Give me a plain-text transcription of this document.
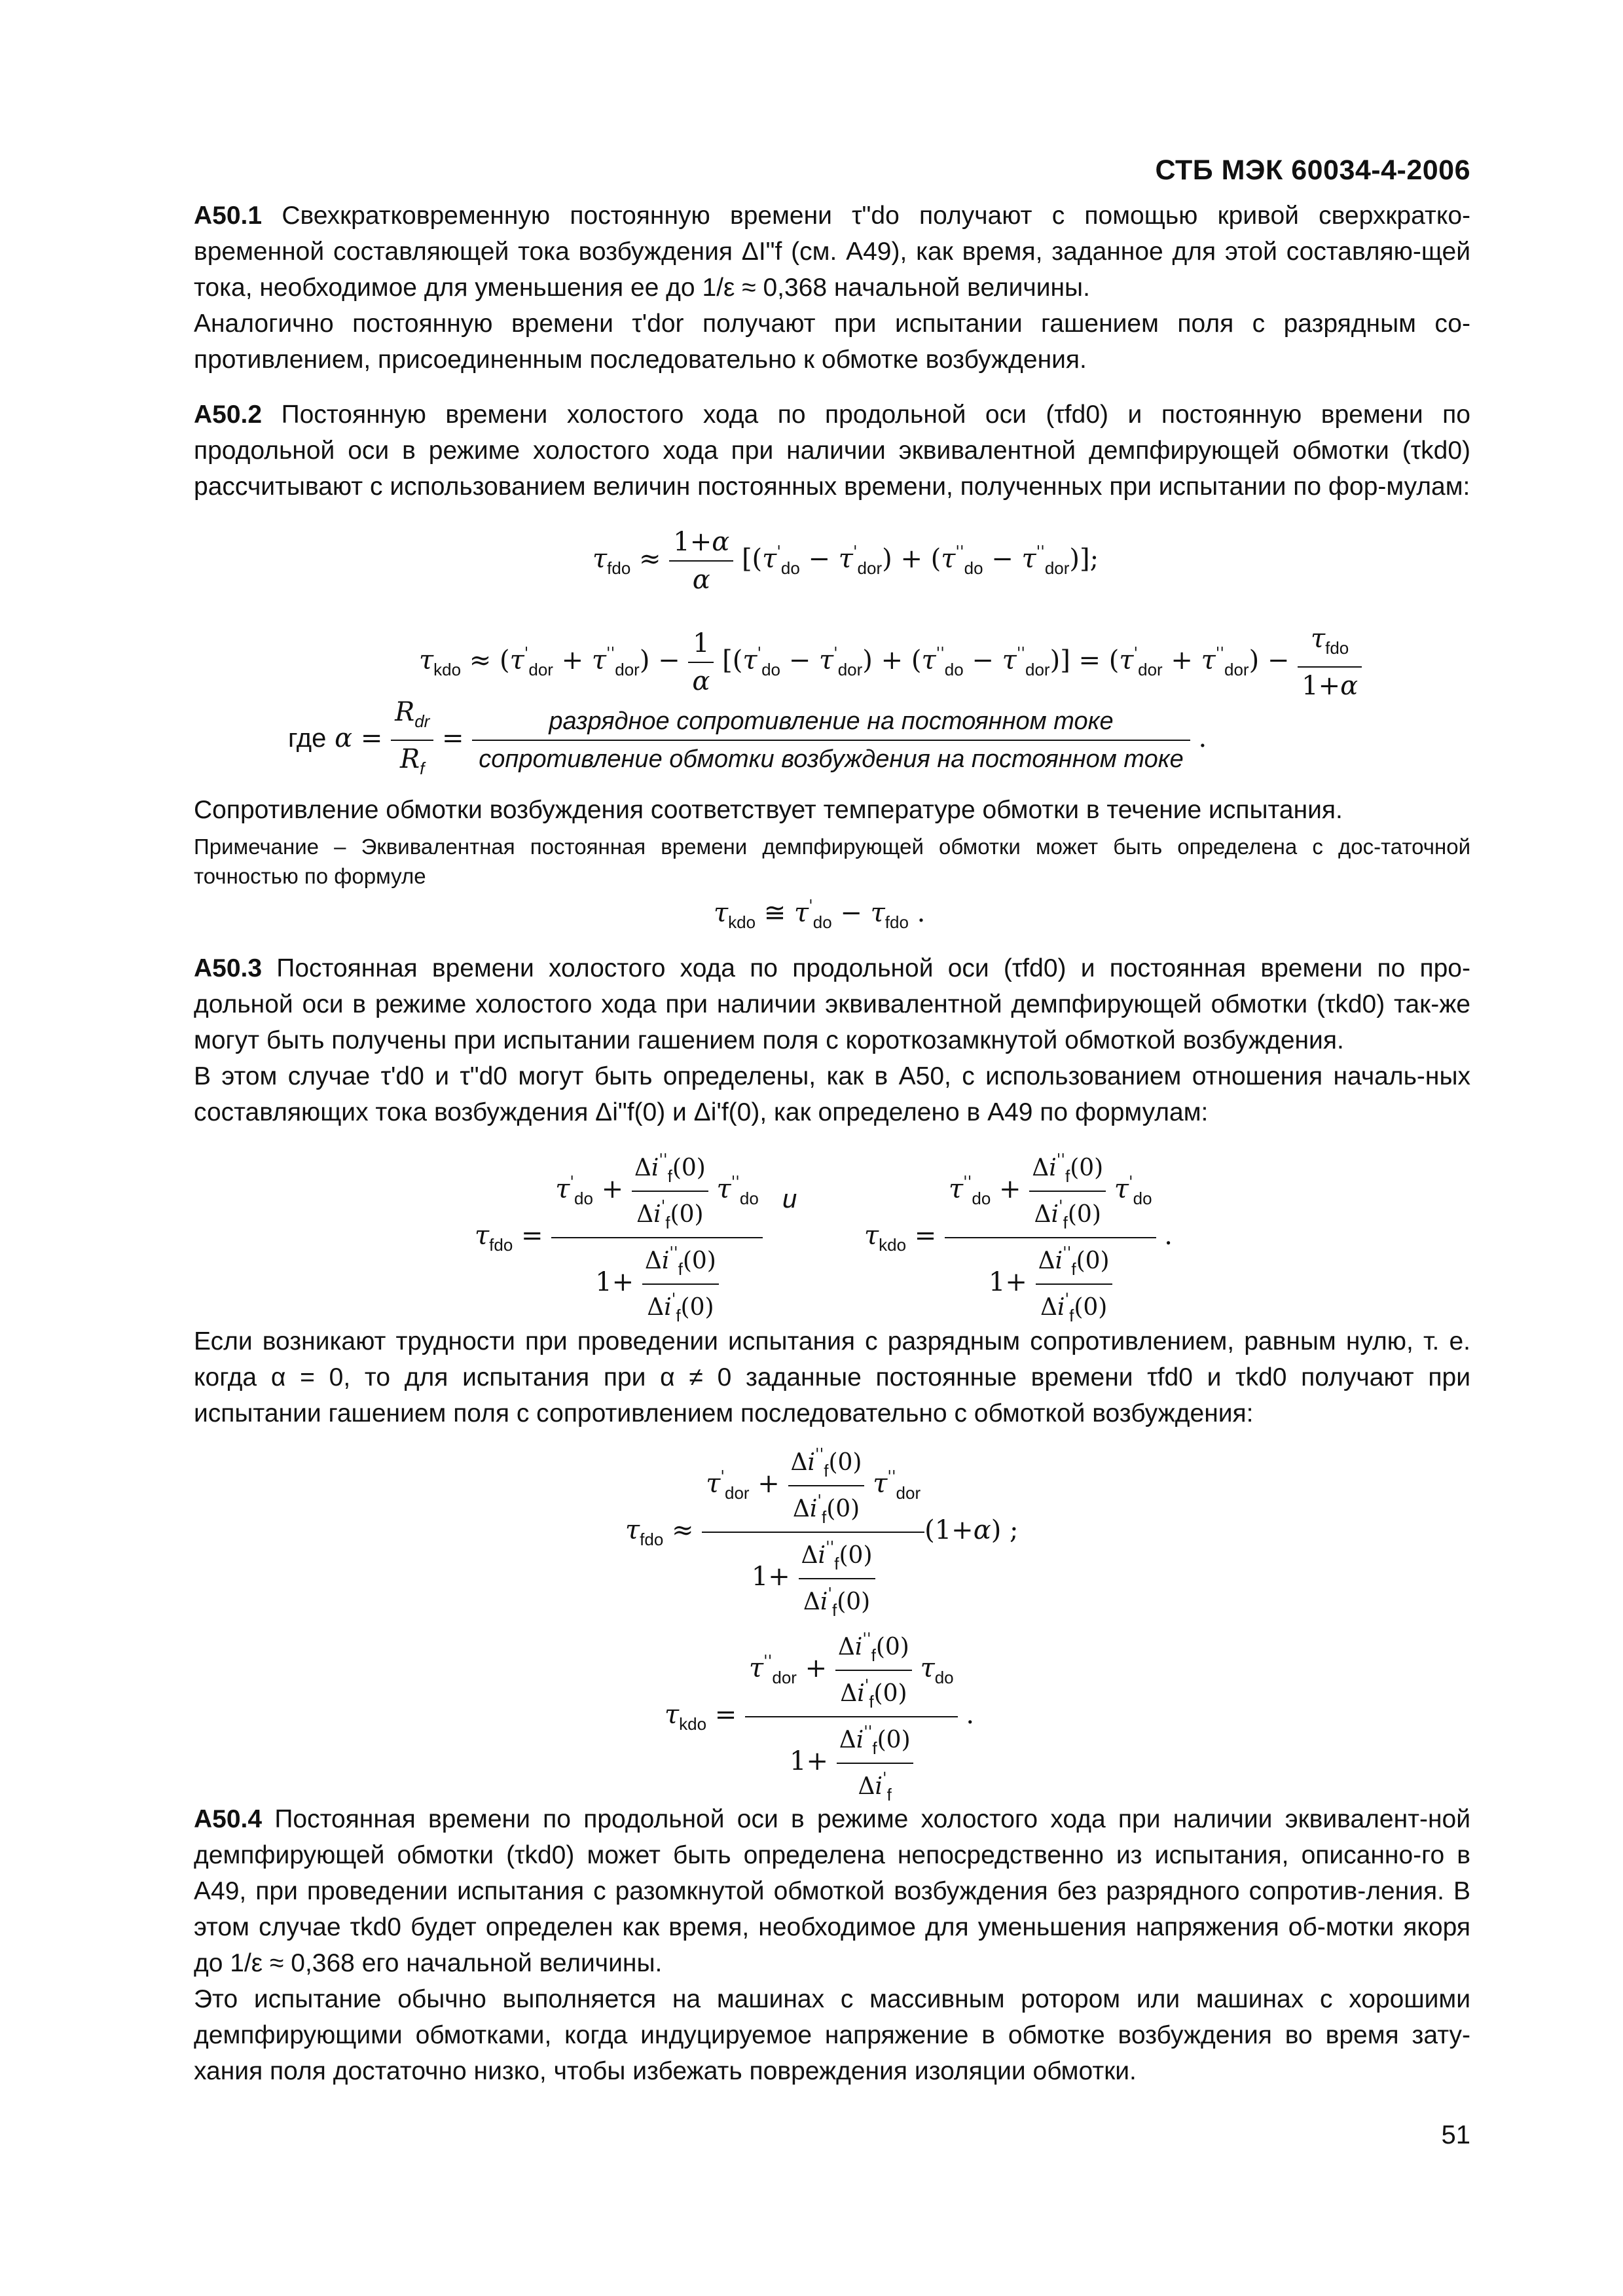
СТБ МЭК 60034-4-2006

А50.1 Свехкратковременную постоянную времени τ"do получают с помощью кривой сверхкратко-временной составляющей тока возбуждения ΔI"f (см. А49), как время, заданное для этой составляю-щей тока, необходимое для уменьшения ее до 1/ε ≈ 0,368 начальной величины.

Аналогично постоянную времени τ'dor получают при испытании гашением поля с разрядным со-противлением, присоединенным последовательно к обмотке возбуждения.

А50.2 Постоянную времени холостого хода по продольной оси (τfd0) и постоянную времени по продольной оси в режиме холостого хода при наличии эквивалентной демпфирующей обмотки (τkd0) рассчитывают с использованием величин постоянных времени, полученных при испытании по фор-мулам:

$\tau_{fdo} \approx \frac{1+\alpha}{\alpha} [(\tau'_{do} - \tau'_{dor}) + (\tau''_{do} - \tau''_{dor})]$;
$\tau_{kdo} \approx (\tau'_{dor} + \tau''_{dor}) - \frac{1}{\alpha} [(\tau'_{do} - \tau'_{dor}) + (\tau''_{do} - \tau''_{dor})] = (\tau'_{dor} + \tau''_{dor}) - \frac{\tau_{fdo}}{1+\alpha}$
где $\alpha = \frac{R_{dr}}{R_f} = \frac{\text{разрядное сопротивление на постоянном токе}}{\text{сопротивление обмотки возбуждения на постоянном токе}}$ .

Сопротивление обмотки возбуждения соответствует температуре обмотки в течение испытания.

Примечание – Эквивалентная постоянная времени демпфирующей обмотки может быть определена с дос-таточной точностью по формуле

$\tau_{kdo}$ ≅ $\tau'_{do} - \tau_{fdo}$ .

А50.3 Постоянная времени холостого хода по продольной оси (τfd0) и постоянная времени по про-дольной оси в режиме холостого хода при наличии эквивалентной демпфирующей обмотки (τkd0) так-же могут быть получены при испытании гашением поля с короткозамкнутой обмоткой возбуждения.

В этом случае τ'd0 и τ"d0 могут быть определены, как в А50, с использованием отношения началь-ных составляющих тока возбуждения Δi"f(0) и Δi'f(0), как определено в А49 по формулам:

$\tau_{fdo} = \frac{\tau'_{do} + \frac{\Delta i''_f(0)}{\Delta i'_f(0)} \tau''_{do}}{1+ \frac{\Delta i''_f(0)}{\Delta i'_f(0)}}$ и
$\tau_{kdo} = \frac{\tau''_{do} + \frac{\Delta i''_f(0)}{\Delta i'_f(0)} \tau'_{do}}{1+ \frac{\Delta i''_f(0)}{\Delta i'_f(0)}}$ .

Если возникают трудности при проведении испытания с разрядным сопротивлением, равным нулю, т. е. когда α = 0, то для испытания при α ≠ 0 заданные постоянные времени τfd0 и τkd0 получают при испытании гашением поля с сопротивлением последовательно с обмоткой возбуждения:

$\tau_{fdo} \approx \frac{\tau'_{dor} + \frac{\Delta i''_f(0)}{\Delta i'_f(0)} \tau''_{dor}}{1+ \frac{\Delta i''_f(0)}{\Delta i'_f(0)}} (1+\alpha)$ ;
$\tau_{kdo} = \frac{\tau''_{dor} + \frac{\Delta i''_f(0)}{\Delta i'_f(0)} \tau_{do}}{1+ \frac{\Delta i''_f(0)}{\Delta i'_f}}$ .

А50.4 Постоянная времени по продольной оси в режиме холостого хода при наличии эквивалент-ной демпфирующей обмотки (τkd0) может быть определена непосредственно из испытания, описанно-го в А49, при проведении испытания с разомкнутой обмоткой возбуждения без разрядного сопротив-ления. В этом случае τkd0 будет определен как время, необходимое для уменьшения напряжения об-мотки якоря до 1/ε ≈ 0,368 его начальной величины.

Это испытание обычно выполняется на машинах с массивным ротором или машинах с хорошими демпфирующими обмотками, когда индуцируемое напряжение в обмотке возбуждения во время зату-хания поля достаточно низко, чтобы избежать повреждения изоляции обмотки.

51
